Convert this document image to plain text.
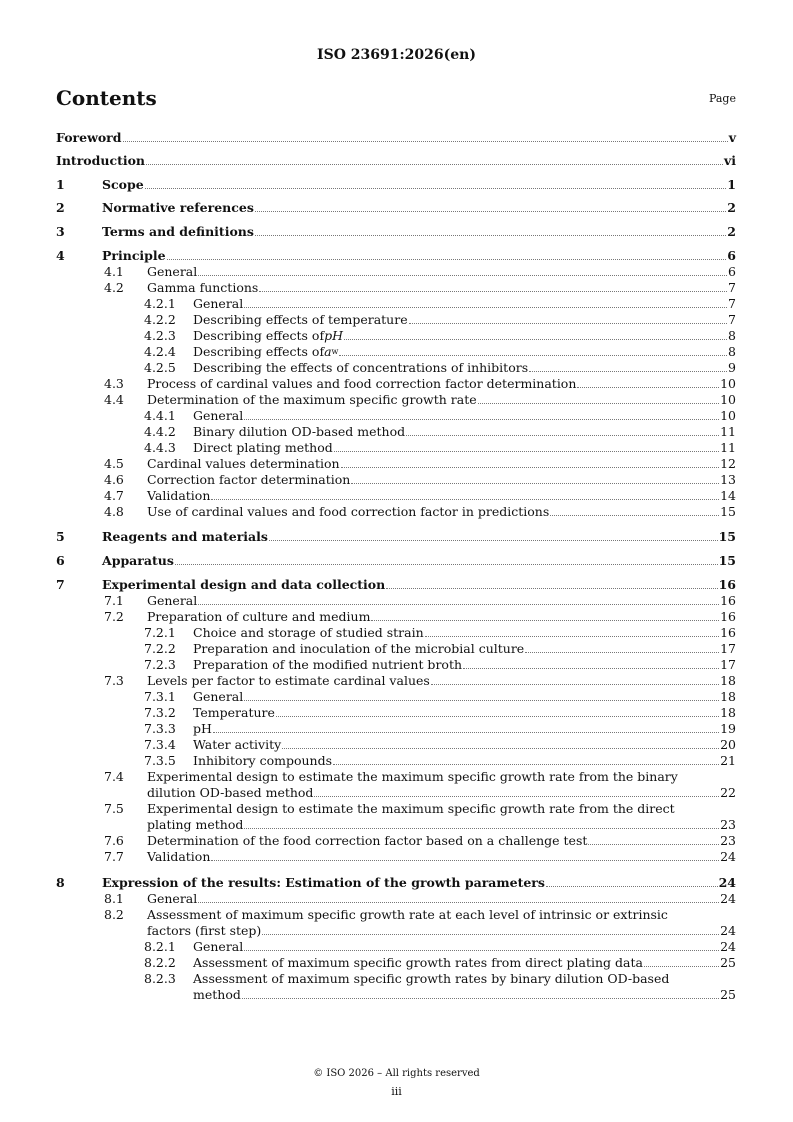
ISO 23691:2026(en)
Contents	Page
Foreword	v
Introduction	vi
1	Scope	1
2	Normative references	2
3	Terms and definitions	2
4	Principle	6
4.1 General	6
4.2 Gamma functions	7
4.2.1 General	7
4.2.2 Describing effects of temperature	7
4.2.3 Describing effects of pH	8
4.2.4 Describing effects of a w	8
4.2.5 Describing the effects of concentrations of inhibitors	9
4.3 Process of cardinal values and food correction factor determination	10
4.4 Determination of the maximum specific growth rate	10
4.4.1 General	10
4.4.2 Binary dilution OD-based method	11
4.4.3 Direct plating method	11
4.5 Cardinal values determination	12
4.6 Correction factor determination	13
4.7 Validation	14
4.8 Use of cardinal values and food correction factor in predictions	15
5	Reagents and materials	15
6	Apparatus	15
7	Experimental design and data collection	16
7.1 General	16
7.2 Preparation of culture and medium	16
7.2.1 Choice and storage of studied strain	16
7.2.2 Preparation and inoculation of the microbial culture	17
7.2.3 Preparation of the modified nutrient broth	17
7.3 Levels per factor to estimate cardinal values	18
7.3.1 General	18
7.3.2 Temperature	18
7.3.3 pH	19
7.3.4 Water activity	20
7.3.5 Inhibitory compounds	21
7.4 Experimental design to estimate the maximum specific growth rate from the binary
dilution OD-based method	22
7.5 Experimental design to estimate the maximum specific growth rate from the direct
plating method	23
7.6 Determination of the food correction factor based on a challenge test	23
7.7 Validation	24
8	Expression of the results: Estimation of the growth parameters	24
8.1 General	24
8.2 Assessment of maximum specific growth rate at each level of intrinsic or extrinsic
factors (first step)	24
8.2.1 General	24
8.2.2 Assessment of maximum specific growth rates from direct plating data	25
8.2.3 Assessment of maximum specific growth rates by binary dilution OD-based
method	25
© ISO 2026 – All rights reserved
iii
